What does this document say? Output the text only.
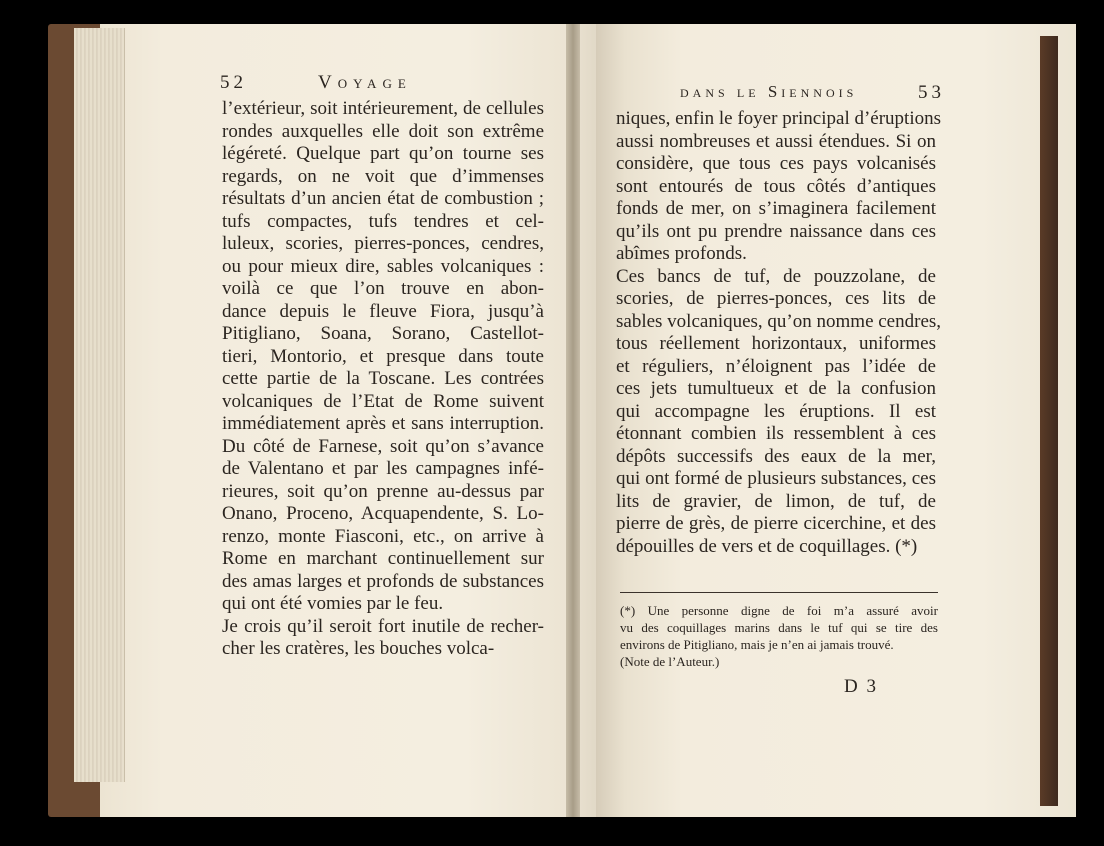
52	Voyage
l’extérieur, soit intérieurement, de cellules
rondes auxquelles elle doit son extrême
légéreté. Quelque part qu’on tourne ses
regards, on ne voit que d’immenses
résultats d’un ancien état de combustion ;
tufs compactes, tufs tendres et cel-
luleux, scories, pierres-ponces, cendres,
ou pour mieux dire, sables volcaniques :
voilà ce que l’on trouve en abon-
dance depuis le fleuve Fiora, jusqu’à
Pitigliano, Soana, Sorano, Castellot-
tieri, Montorio, et presque dans toute
cette partie de la Toscane. Les contrées
volcaniques de l’Etat de Rome suivent
immédiatement après et sans interruption.
Du côté de Farnese, soit qu’on s’avance
de Valentano et par les campagnes infé-
rieures, soit qu’on prenne au-dessus par
Onano, Proceno, Acquapendente, S. Lo-
renzo, monte Fiasconi, etc., on arrive à
Rome en marchant continuellement sur
des amas larges et profonds de substances
qui ont été vomies par le feu.
Je crois qu’il seroit fort inutile de recher-
cher les cratères, les bouches volca-
dans le Siennois	53
niques, enfin le foyer principal d’éruptions
aussi nombreuses et aussi étendues. Si on
considère, que tous ces pays volcanisés
sont entourés de tous côtés d’antiques
fonds de mer, on s’imaginera facilement
qu’ils ont pu prendre naissance dans ces
abîmes profonds.
Ces bancs de tuf, de pouzzolane, de
scories, de pierres-ponces, ces lits de
sables volcaniques, qu’on nomme cendres,
tous réellement horizontaux, uniformes
et réguliers, n’éloignent pas l’idée de
ces jets tumultueux et de la confusion
qui accompagne les éruptions. Il est
étonnant combien ils ressemblent à ces
dépôts successifs des eaux de la mer,
qui ont formé de plusieurs substances, ces
lits de gravier, de limon, de tuf, de
pierre de grès, de pierre cicerchine, et des
dépouilles de vers et de coquillages. (*)
(*) Une personne digne de foi m’a assuré avoir
vu des coquillages marins dans le tuf qui se tire des
environs de Pitigliano, mais je n’en ai jamais trouvé.
(Note de l’Auteur.)
D 3
